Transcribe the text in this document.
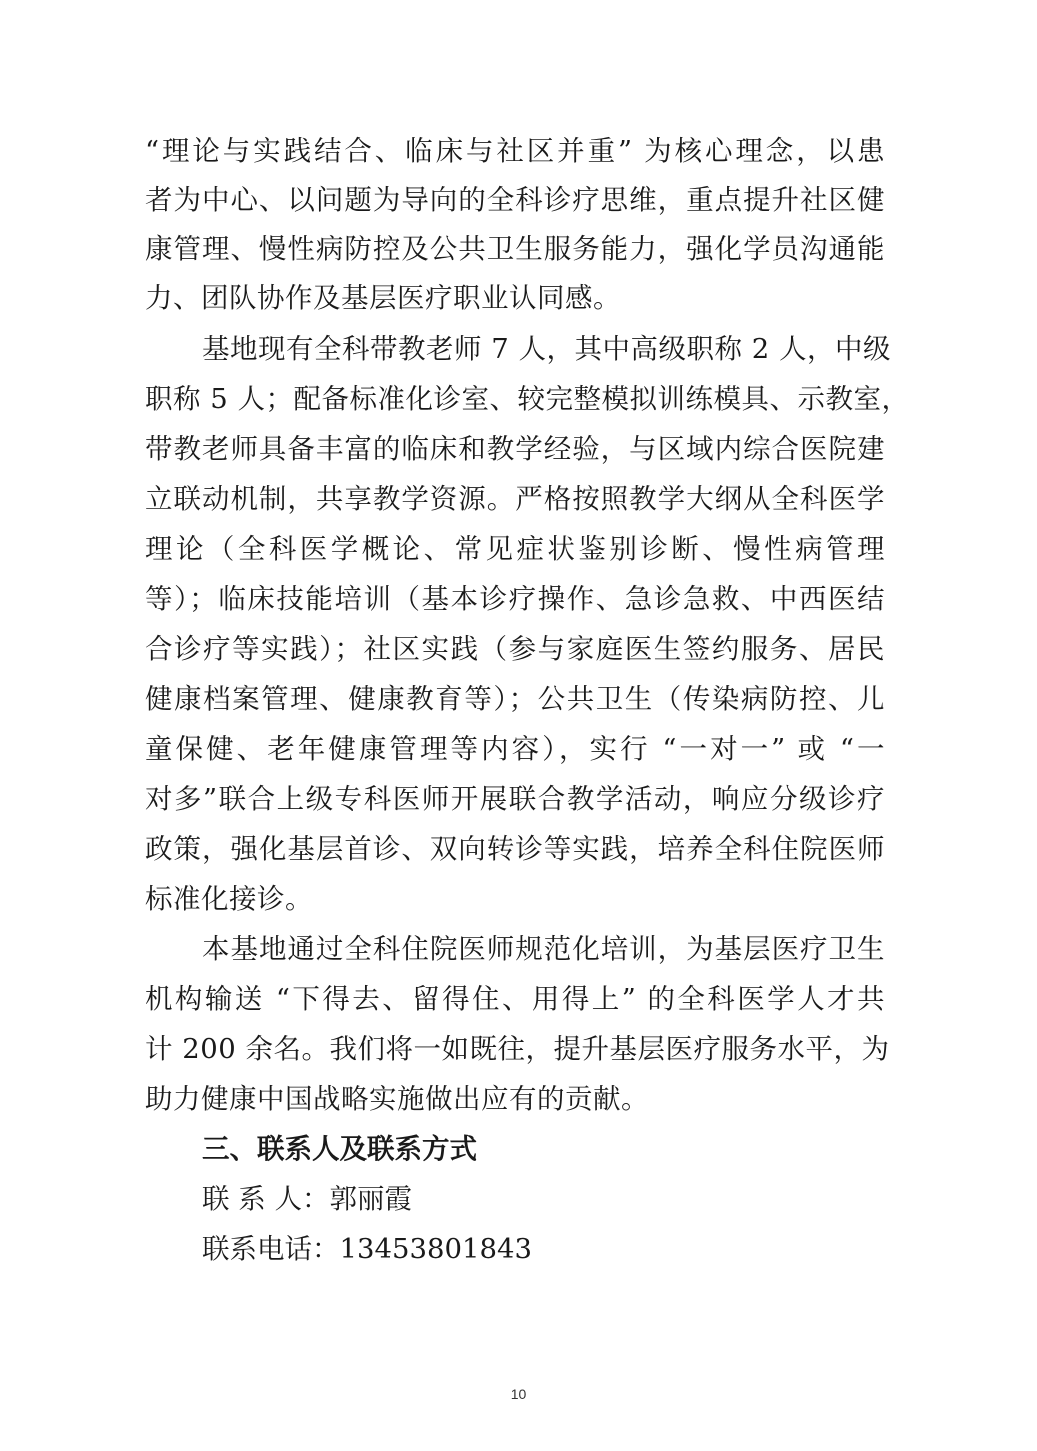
“理论与实践结合、临床与社区并重” 为核心理念，以患
者为中心、以问题为导向的全科诊疗思维，重点提升社区健
康管理、慢性病防控及公共卫生服务能力，强化学员沟通能
力、团队协作及基层医疗职业认同感。
基地现有全科带教老师 7 人，其中高级职称 2 人，中级
职称 5 人；配备标准化诊室、较完整模拟训练模具、示教室，
带教老师具备丰富的临床和教学经验，与区域内综合医院建
立联动机制，共享教学资源。严格按照教学大纲从全科医学
理论（全科医学概论、常见症状鉴别诊断、慢性病管理
等）；临床技能培训（基本诊疗操作、急诊急救、中西医结
合诊疗等实践）；社区实践（参与家庭医生签约服务、居民
健康档案管理、健康教育等）；公共卫生（传染病防控、儿
童保健、老年健康管理等内容），实行 “一对一” 或 “一
对多”联合上级专科医师开展联合教学活动，响应分级诊疗
政策，强化基层首诊、双向转诊等实践，培养全科住院医师
标准化接诊。
本基地通过全科住院医师规范化培训，为基层医疗卫生
机构输送 “下得去、留得住、用得上” 的全科医学人才共
计 200 余名。我们将一如既往，提升基层医疗服务水平，为
助力健康中国战略实施做出应有的贡献。
三、联系人及联系方式
联 系 人：郭丽霞
联系电话：13453801843
10
